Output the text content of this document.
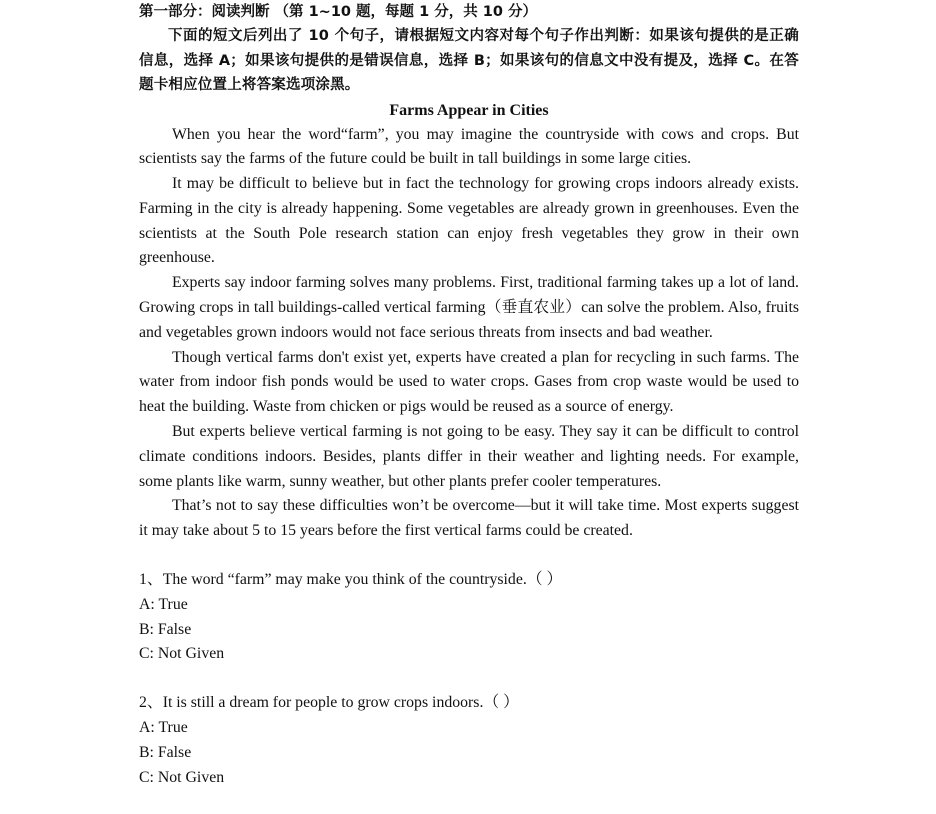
第一部分：阅读判断 （第 1~10 题，每题 1 分，共 10 分）
下面的短文后列出了 10 个句子，请根据短文内容对每个句子作出判断：如果该句提供的是正确信息，选择 A；如果该句提供的是错误信息，选择 B；如果该句的信息文中没有提及，选择 C。在答题卡相应位置上将答案选项涂黑。
Farms Appear in Cities

When you hear the word“farm”, you may imagine the countryside with cows and crops. But scientists say the farms of the future could be built in tall buildings in some large cities.

It may be difficult to believe but in fact the technology for growing crops indoors already exists. Farming in the city is already happening. Some vegetables are already grown in greenhouses. Even the scientists at the South Pole research station can enjoy fresh vegetables they grow in their own greenhouse.

Experts say indoor farming solves many problems. First, traditional farming takes up a lot of land. Growing crops in tall buildings-called vertical farming（垂直农业）can solve the problem. Also, fruits and vegetables grown indoors would not face serious threats from insects and bad weather.

Though vertical farms don't exist yet, experts have created a plan for recycling in such farms. The water from indoor fish ponds would be used to water crops. Gases from crop waste would be used to heat the building. Waste from chicken or pigs would be reused as a source of energy.

But experts believe vertical farming is not going to be easy. They say it can be difficult to control climate conditions indoors. Besides, plants differ in their weather and lighting needs. For example, some plants like warm, sunny weather, but other plants prefer cooler temperatures.

That’s not to say these difficulties won’t be overcome—but it will take time. Most experts suggest it may take about 5 to 15 years before the first vertical farms could be created.

1、The word “farm” may make you think of the countryside.（ ）

A: True

B: False

C: Not Given

2、It is still a dream for people to grow crops indoors.（ ）

A: True

B: False

C: Not Given
